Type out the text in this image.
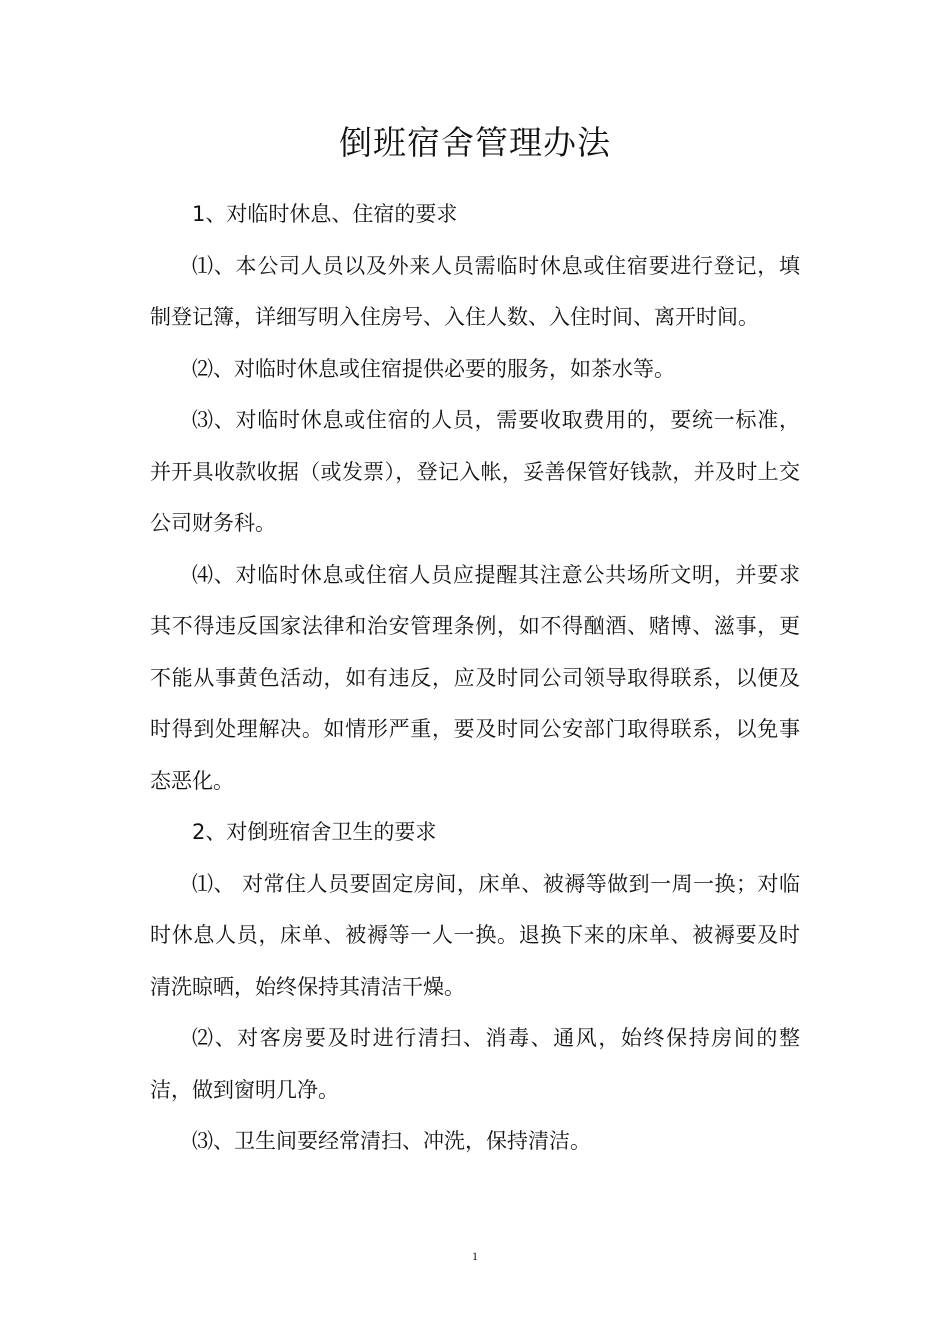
倒班宿舍管理办法

1、对临时休息、住宿的要求

⑴、本公司人员以及外来人员需临时休息或住宿要进行登记，填制登记簿，详细写明入住房号、入住人数、入住时间、离开时间。

⑵、对临时休息或住宿提供必要的服务，如茶水等。

⑶、对临时休息或住宿的人员，需要收取费用的，要统一标准，并开具收款收据（或发票），登记入帐，妥善保管好钱款，并及时上交公司财务科。

⑷、对临时休息或住宿人员应提醒其注意公共场所文明，并要求其不得违反国家法律和治安管理条例，如不得酗酒、赌博、滋事，更不能从事黄色活动，如有违反，应及时同公司领导取得联系，以便及时得到处理解决。如情形严重，要及时同公安部门取得联系，以免事态恶化。

2、对倒班宿舍卫生的要求

⑴、 对常住人员要固定房间，床单、被褥等做到一周一换；对临时休息人员，床单、被褥等一人一换。退换下来的床单、被褥要及时清洗晾晒，始终保持其清洁干燥。

⑵、对客房要及时进行清扫、消毒、通风，始终保持房间的整洁，做到窗明几净。

⑶、卫生间要经常清扫、冲洗，保持清洁。

1
